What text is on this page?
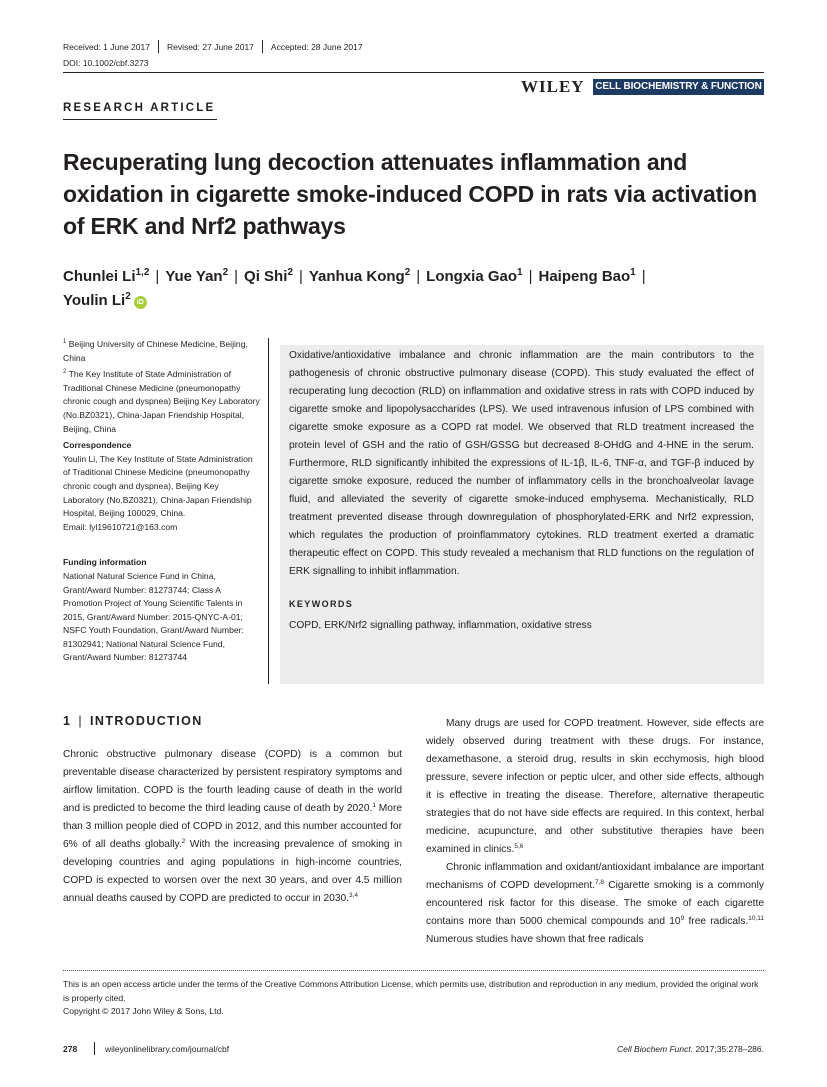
Received: 1 June 2017 Revised: 27 June 2017 Accepted: 28 June 2017
DOI: 10.1002/cbf.3273
WILEY CELL BIOCHEMISTRY & FUNCTION
RESEARCH ARTICLE
Recuperating lung decoction attenuates inflammation and oxidation in cigarette smoke-induced COPD in rats via activation of ERK and Nrf2 pathways
Chunlei Li$^{1,2}$ | Yue Yan$^2$ | Qi Shi$^2$ | Yanhua Kong$^2$ | Longxia Gao$^1$ | Haipeng Bao$^1$ |
Youlin Li$^2$iD

$^1$ Beijing University of Chinese Medicine, Beijing, China

$^2$ The Key Institute of State Administration of Traditional Chinese Medicine (pneumonopathy chronic cough and dyspnea) Beijing Key Laboratory (No.BZ0321), China-Japan Friendship Hospital, Beijing, China

Correspondence

Youlin Li, The Key Institute of State Administration of Traditional Chinese Medicine (pneumonopathy chronic cough and dyspnea), Beijing Key Laboratory (No.BZ0321), China-Japan Friendship Hospital, Beijing 100029, China.

Email: lyl19610721@163.com

Funding information

National Natural Science Fund in China, Grant/Award Number: 81273744; Class A Promotion Project of Young Scientific Talents in 2015, Grant/Award Number: 2015-QNYC-A-01; NSFC Youth Foundation, Grant/Award Number: 81302941; National Natural Science Fund, Grant/Award Number: 81273744

Oxidative/antioxidative imbalance and chronic inflammation are the main contributors to the pathogenesis of chronic obstructive pulmonary disease (COPD). This study evaluated the effect of recuperating lung decoction (RLD) on inflammation and oxidative stress in rats with COPD induced by cigarette smoke and lipopolysaccharides (LPS). We used intravenous infusion of LPS combined with cigarette smoke exposure as a COPD rat model. We observed that RLD treatment increased the protein level of GSH and the ratio of GSH/GSSG but decreased 8-OHdG and 4-HNE in the serum. Furthermore, RLD significantly inhibited the expressions of IL-1β, IL-6, TNF-α, and TGF-β induced by cigarette smoke exposure, reduced the number of inflammatory cells in the bronchoalveolar lavage fluid, and alleviated the severity of cigarette smoke-induced emphysema. Mechanistically, RLD treatment prevented disease through downregulation of phosphorylated-ERK and Nrf2 expression, which regulates the production of proinflammatory cytokines. RLD treatment exerted a dramatic therapeutic effect on COPD. This study revealed a mechanism that RLD functions on the regulation of ERK signalling to inhibit inflammation.
KEYWORDS
COPD, ERK/Nrf2 signalling pathway, inflammation, oxidative stress
1 | INTRODUCTION

Chronic obstructive pulmonary disease (COPD) is a common but preventable disease characterized by persistent respiratory symptoms and airflow limitation. COPD is the fourth leading cause of death in the world and is predicted to become the third leading cause of death by 2020.$^1$ More than 3 million people died of COPD in 2012, and this number accounted for 6% of all deaths globally.$^2$ With the increasing prevalence of smoking in developing countries and aging populations in high-income countries, COPD is expected to worsen over the next 30 years, and over 4.5 million annual deaths caused by COPD are predicted to occur in 2030.$^{3,4}$

Many drugs are used for COPD treatment. However, side effects are widely observed during treatment with these drugs. For instance, dexamethasone, a steroid drug, results in skin ecchymosis, high blood pressure, severe infection or peptic ulcer, and other side effects, although it is effective in treating the disease. Therefore, alternative therapeutic strategies that do not have side effects are required. In this context, herbal medicine, acupuncture, and other substitutive therapies have been examined in clinics.$^{5,6}$

Chronic inflammation and oxidant/antioxidant imbalance are important mechanisms of COPD development.$^{7,8}$ Cigarette smoking is a commonly encountered risk factor for this disease. The smoke of each cigarette contains more than 5000 chemical compounds and $10^9$ free radicals.$^{10,11}$ Numerous studies have shown that free radicals

This is an open access article under the terms of the Creative Commons Attribution License, which permits use, distribution and reproduction in any medium, provided the original work is properly cited.

Copyright © 2017 John Wiley & Sons, Ltd.

278	wileyonlinelibrary.com/journal/cbf	Cell Biochem Funct. 2017;35:278–286.
